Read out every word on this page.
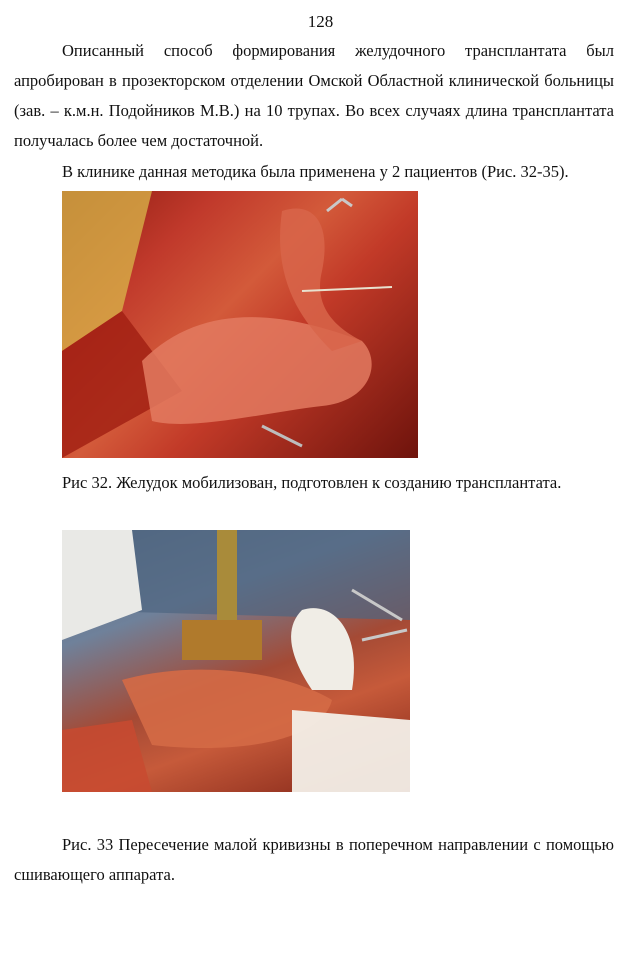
128

Описанный способ формирования желудочного трансплантата был апробирован в прозекторском отделении Омской Областной клинической больницы (зав. – к.м.н. Подойников М.В.) на 10 трупах. Во всех случаях длина трансплантата получалась более чем достаточной.

В клинике данная методика была применена у 2 пациентов (Рис. 32-35).

Рис 32. Желудок мобилизован, подготовлен к созданию трансплантата.

Рис. 33 Пересечение малой кривизны в поперечном направлении с помощью сшивающего аппарата.
